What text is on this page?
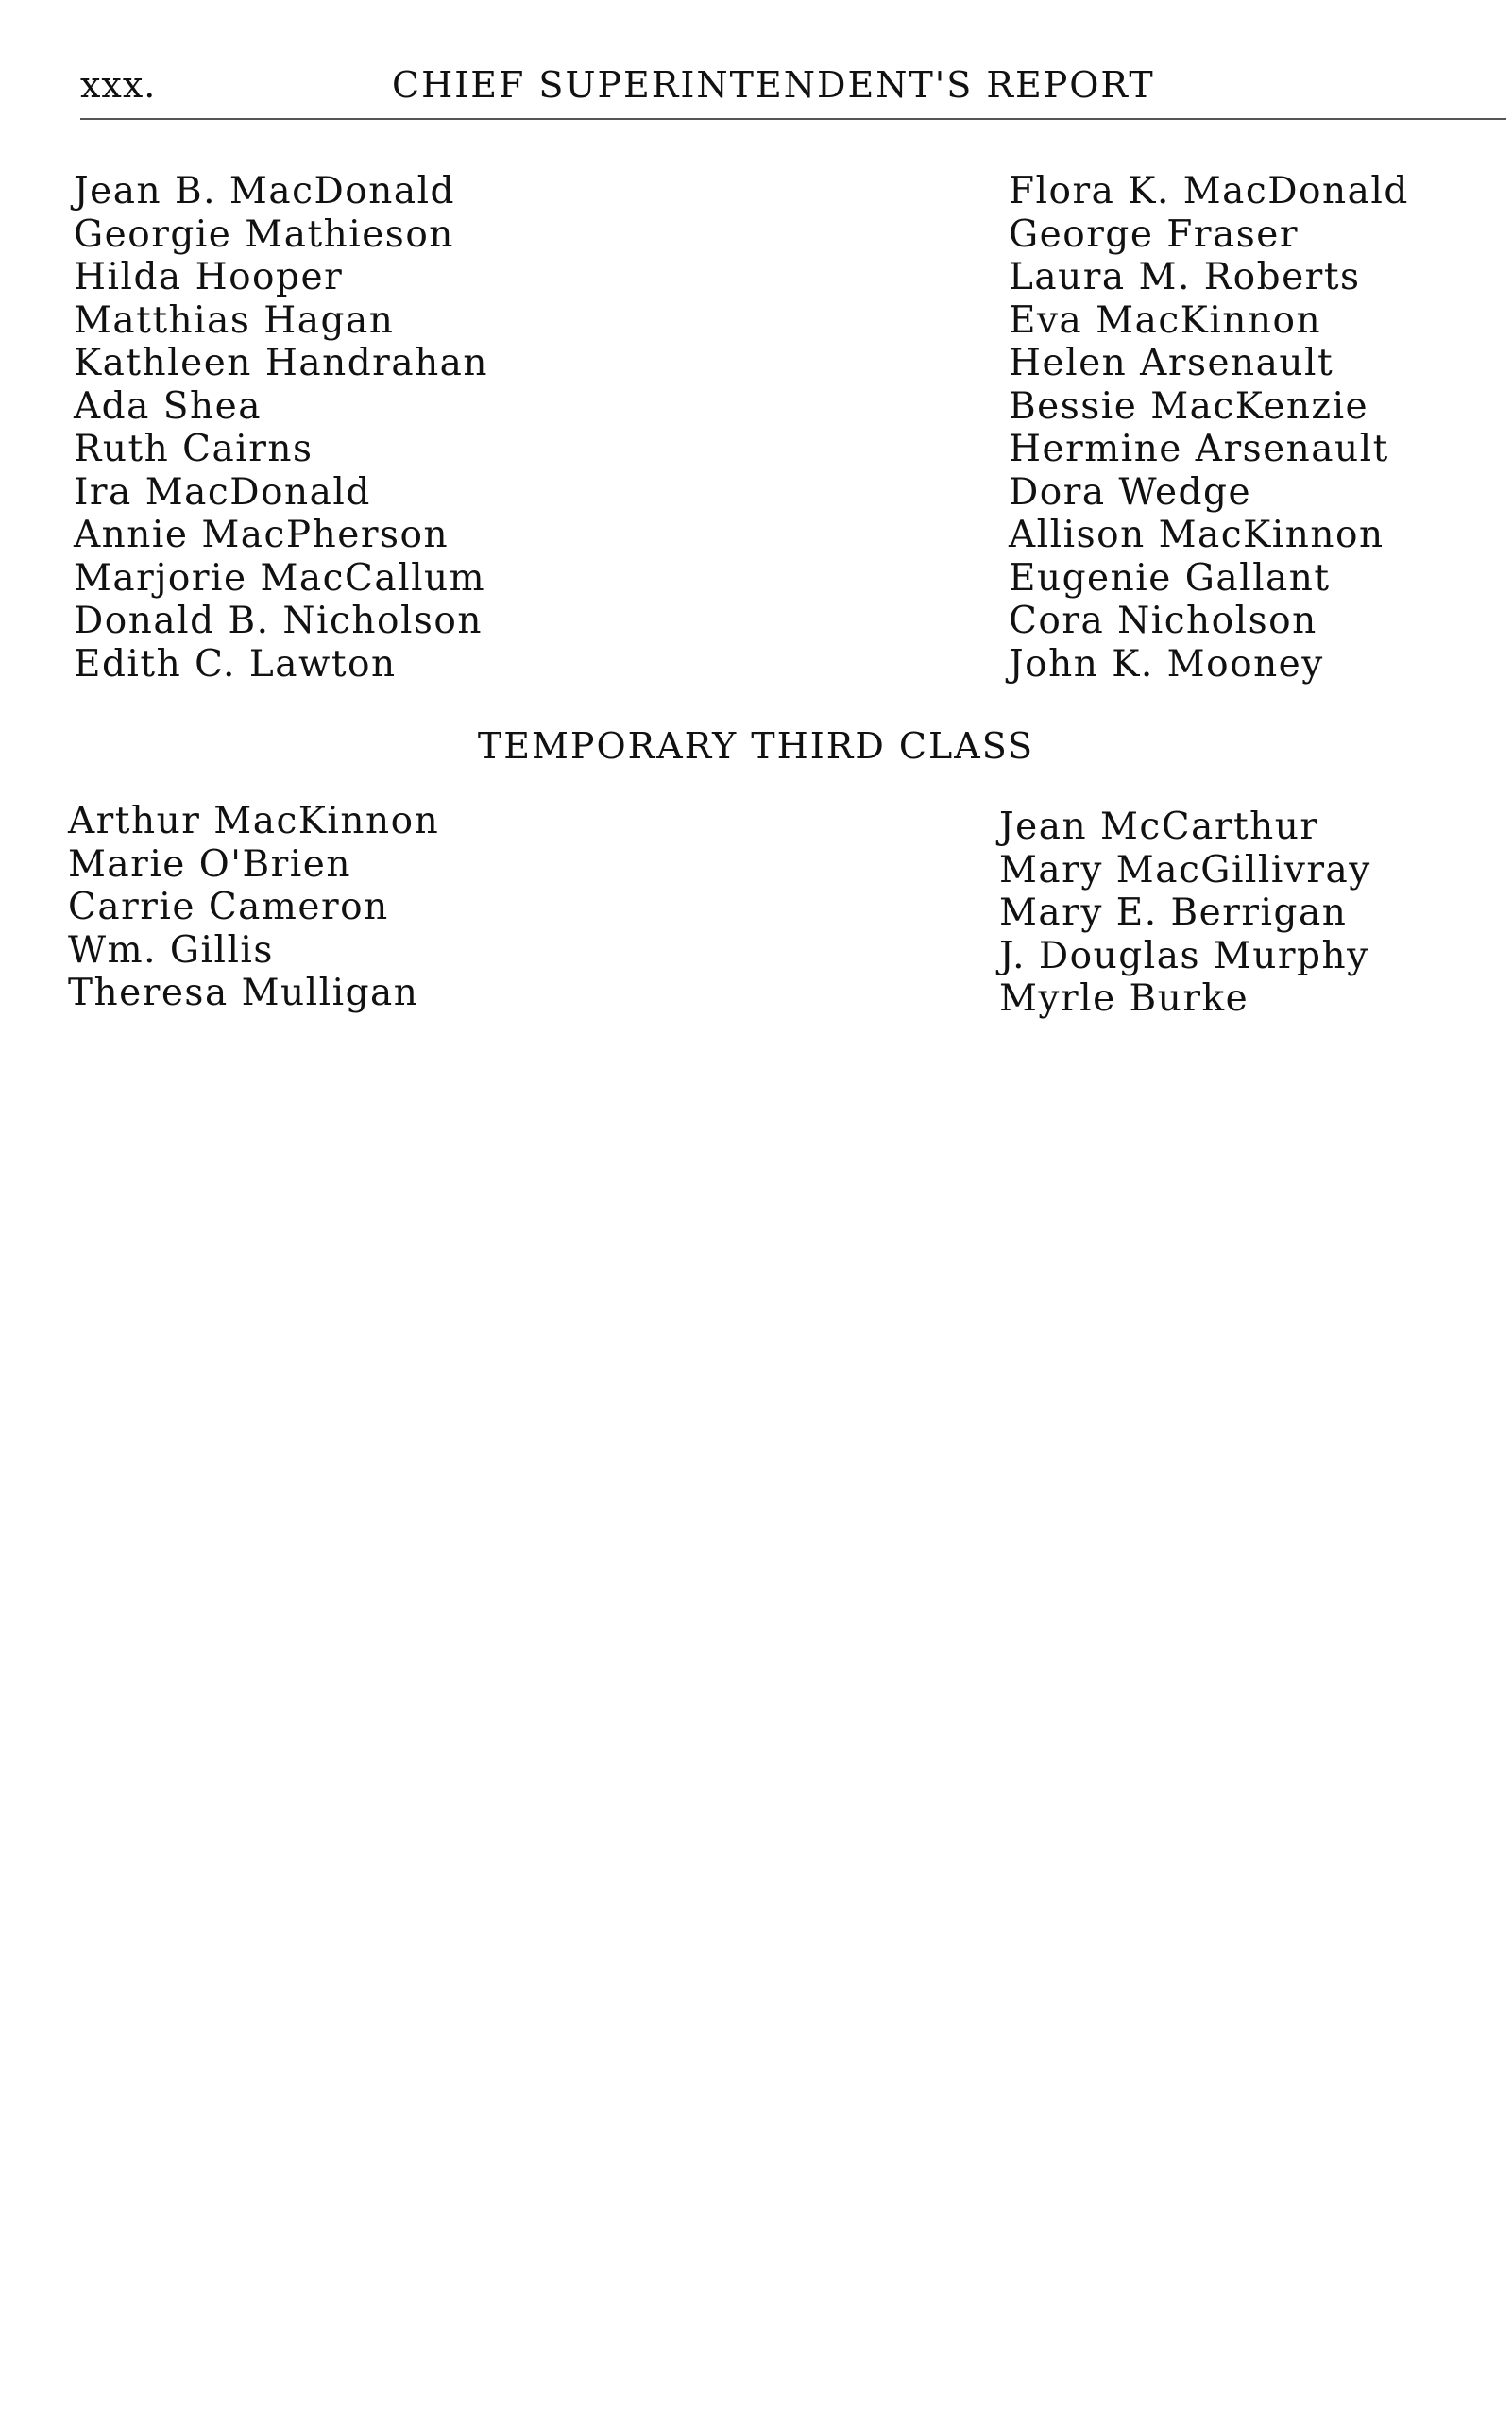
xxx.	CHIEF SUPERINTENDENT'S REPORT
Jean B. MacDonald
Georgie Mathieson
Hilda Hooper
Matthias Hagan
Kathleen Handrahan
Ada Shea
Ruth Cairns
Ira MacDonald
Annie MacPherson
Marjorie MacCallum
Donald B. Nicholson
Edith C. Lawton
Flora K. MacDonald
George Fraser
Laura M. Roberts
Eva MacKinnon
Helen Arsenault
Bessie MacKenzie
Hermine Arsenault
Dora Wedge
Allison MacKinnon
Eugenie Gallant
Cora Nicholson
John K. Mooney
TEMPORARY THIRD CLASS
Arthur MacKinnon
Marie O'Brien
Carrie Cameron
Wm. Gillis
Theresa Mulligan
Jean McCarthur
Mary MacGillivray
Mary E. Berrigan
J. Douglas Murphy
Myrle Burke
